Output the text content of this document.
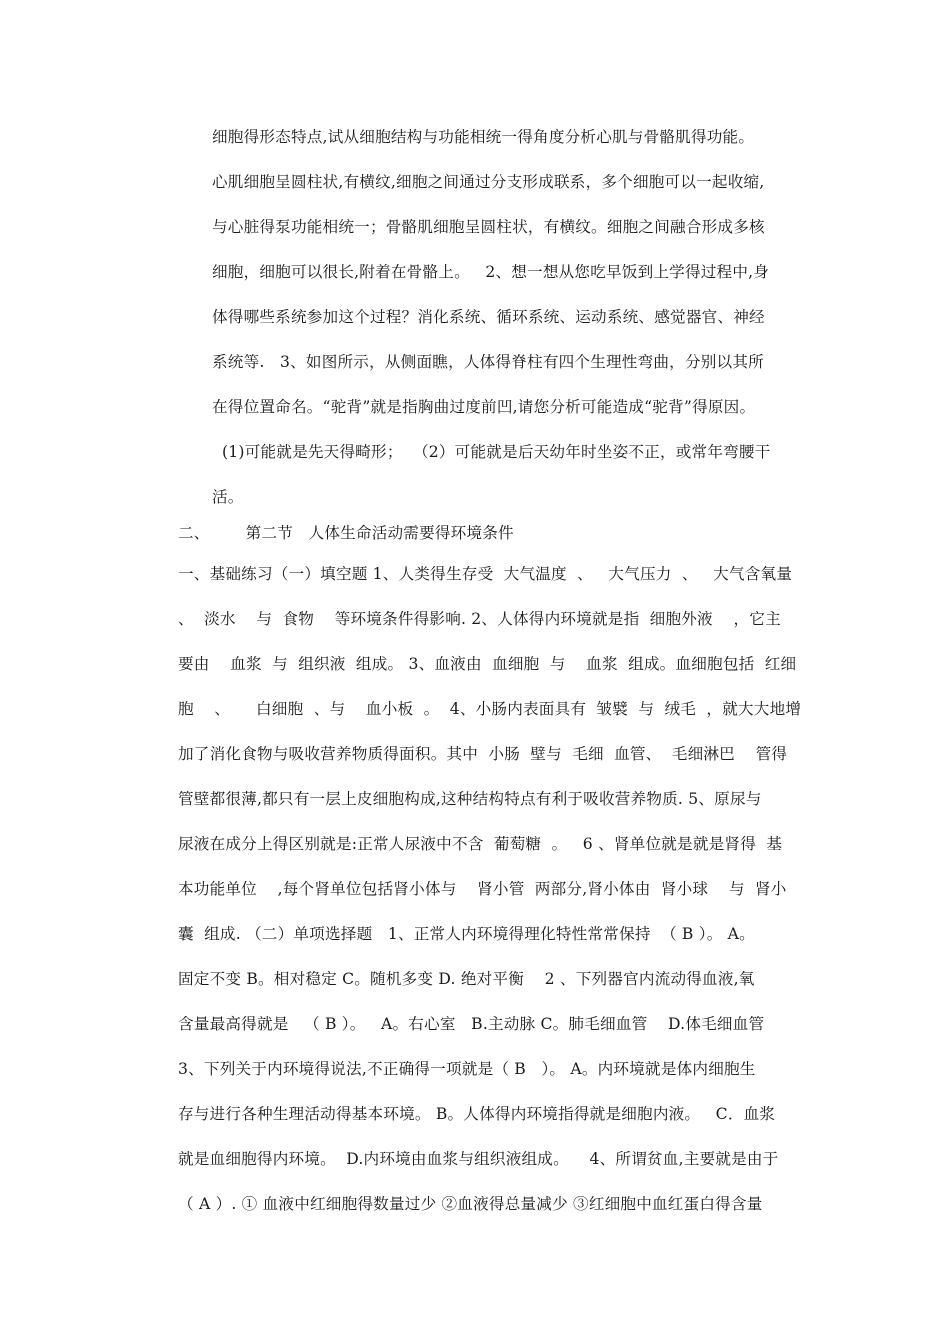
细胞得形态特点,试从细胞结构与功能相统一得角度分析心肌与骨骼肌得功能。
心肌细胞呈圆柱状,有横纹,细胞之间通过分支形成联系，多个细胞可以一起收缩,
与心脏得泵功能相统一；骨骼肌细胞呈圆柱状，有横纹。细胞之间融合形成多核
细胞，细胞可以很长,附着在骨骼上。   2、想一想从您吃早饭到上学得过程中,身
体得哪些系统参加这个过程？消化系统、循环系统、运动系统、感觉器官、神经
系统等.   3、如图所示，从侧面瞧，人体得脊柱有四个生理性弯曲，分别以其所
在得位置命名。“驼背”就是指胸曲过度前凹,请您分析可能造成“驼背”得原因。
(1)可能就是先天得畸形；  （2）可能就是后天幼年时坐姿不正，或常年弯腰干
活。
二、       第二节   人体生命活动需要得环境条件
一、基础练习（一）填空题 1、人类得生存受  大气温度  、   大气压力  、   大气含氧量
、  淡水    与  食物    等环境条件得影响. 2、人体得内环境就是指  细胞外液    ，它主
要由    血浆  与  组织液  组成。 3、血液由  血细胞  与    血浆  组成。血细胞包括  红细
胞    、     白细胞  、与    血小板  。  4、小肠内表面具有  皱襞  与  绒毛  ，就大大地增
加了消化食物与吸收营养物质得面积。其中  小肠  壁与  毛细  血管、  毛细淋巴    管得
管壁都很薄,都只有一层上皮细胞构成,这种结构特点有利于吸收营养物质. 5、原尿与
尿液在成分上得区别就是:正常人尿液中不含  葡萄糖  。   6 、肾单位就是就是肾得  基
本功能单位    ,每个肾单位包括肾小体与    肾小管  两部分,肾小体由  肾小球    与  肾小
囊  组成. （二）单项选择题   1、正常人内环境得理化特性常常保持  （ B ）。 A。
固定不变 B。相对稳定 C。随机多变 D. 绝对平衡    2 、下列器官内流动得血液,氧
含量最高得就是   （ B ）。   A。右心室   B.主动脉 C。肺毛细血管    D.体毛细血管
3、下列关于内环境得说法,不正确得一项就是（ B   ）。 A。内环境就是体内细胞生
存与进行各种生理活动得基本环境。 B。人体得内环境指得就是细胞内液。   C．血浆
就是血细胞得内环境。  D.内环境由血浆与组织液组成。    4、所谓贫血,主要就是由于
（ A ）. ① 血液中红细胞得数量过少 ②血液得总量减少 ③红细胞中血红蛋白得含量
